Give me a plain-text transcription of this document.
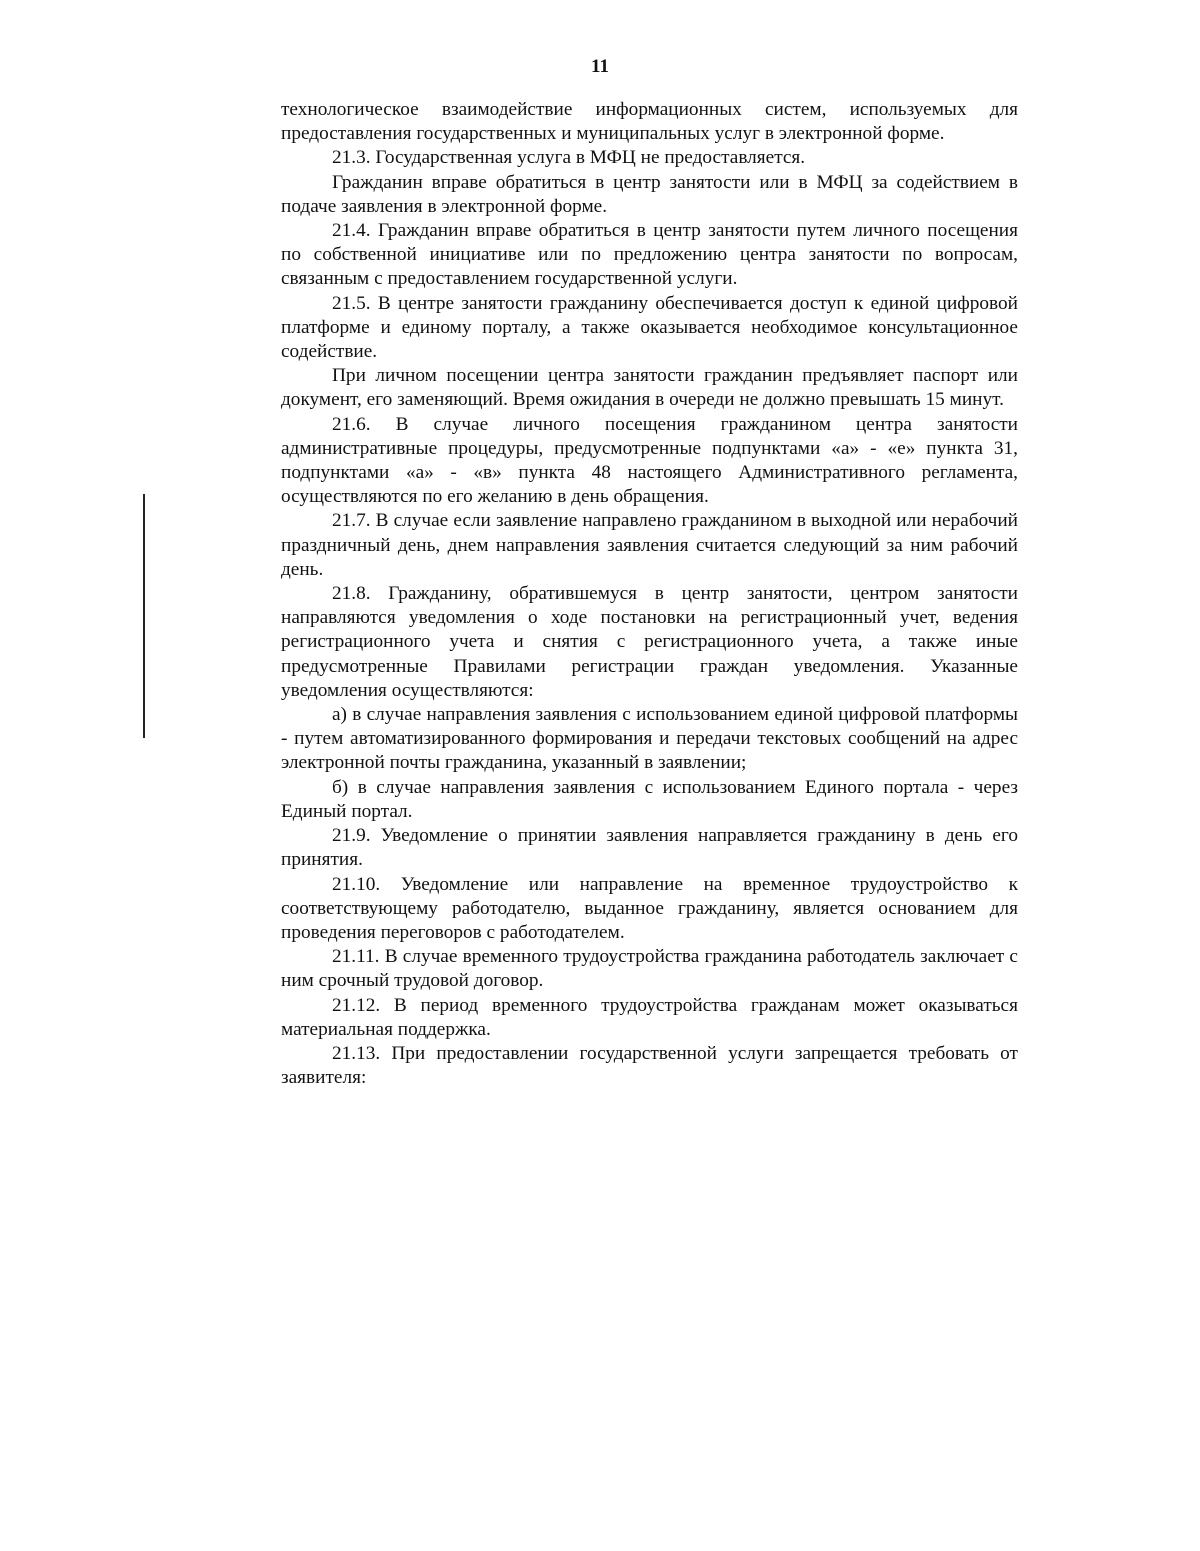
11

технологическое взаимодействие информационных систем, используемых для предоставления государственных и муниципальных услуг в электронной форме.

21.3. Государственная услуга в МФЦ не предоставляется.

Гражданин вправе обратиться в центр занятости или в МФЦ за содействием в подаче заявления в электронной форме.

21.4. Гражданин вправе обратиться в центр занятости путем личного посещения по собственной инициативе или по предложению центра занятости по вопросам, связанным с предоставлением государственной услуги.

21.5. В центре занятости гражданину обеспечивается доступ к единой цифровой платформе и единому порталу, а также оказывается необходимое консультационное содействие.

При личном посещении центра занятости гражданин предъявляет паспорт или документ, его заменяющий. Время ожидания в очереди не должно превышать 15 минут.

21.6. В случае личного посещения гражданином центра занятости административные процедуры, предусмотренные подпунктами «а» - «е» пункта 31, подпунктами «а» - «в» пункта 48 настоящего Административного регламента, осуществляются по его желанию в день обращения.

21.7. В случае если заявление направлено гражданином в выходной или нерабочий праздничный день, днем направления заявления считается следующий за ним рабочий день.

21.8. Гражданину, обратившемуся в центр занятости, центром занятости направляются уведомления о ходе постановки на регистрационный учет, ведения регистрационного учета и снятия с регистрационного учета, а также иные предусмотренные Правилами регистрации граждан уведомления. Указанные уведомления осуществляются:

а) в случае направления заявления с использованием единой цифровой платформы - путем автоматизированного формирования и передачи текстовых сообщений на адрес электронной почты гражданина, указанный в заявлении;

б) в случае направления заявления с использованием Единого портала - через Единый портал.

21.9. Уведомление о принятии заявления направляется гражданину в день его принятия.

21.10. Уведомление или направление на временное трудоустройство к соответствующему работодателю, выданное гражданину, является основанием для проведения переговоров с работодателем.

21.11. В случае временного трудоустройства гражданина работодатель заключает с ним срочный трудовой договор.

21.12. В период временного трудоустройства гражданам может оказываться материальная поддержка.

21.13. При предоставлении государственной услуги запрещается требовать от заявителя:
